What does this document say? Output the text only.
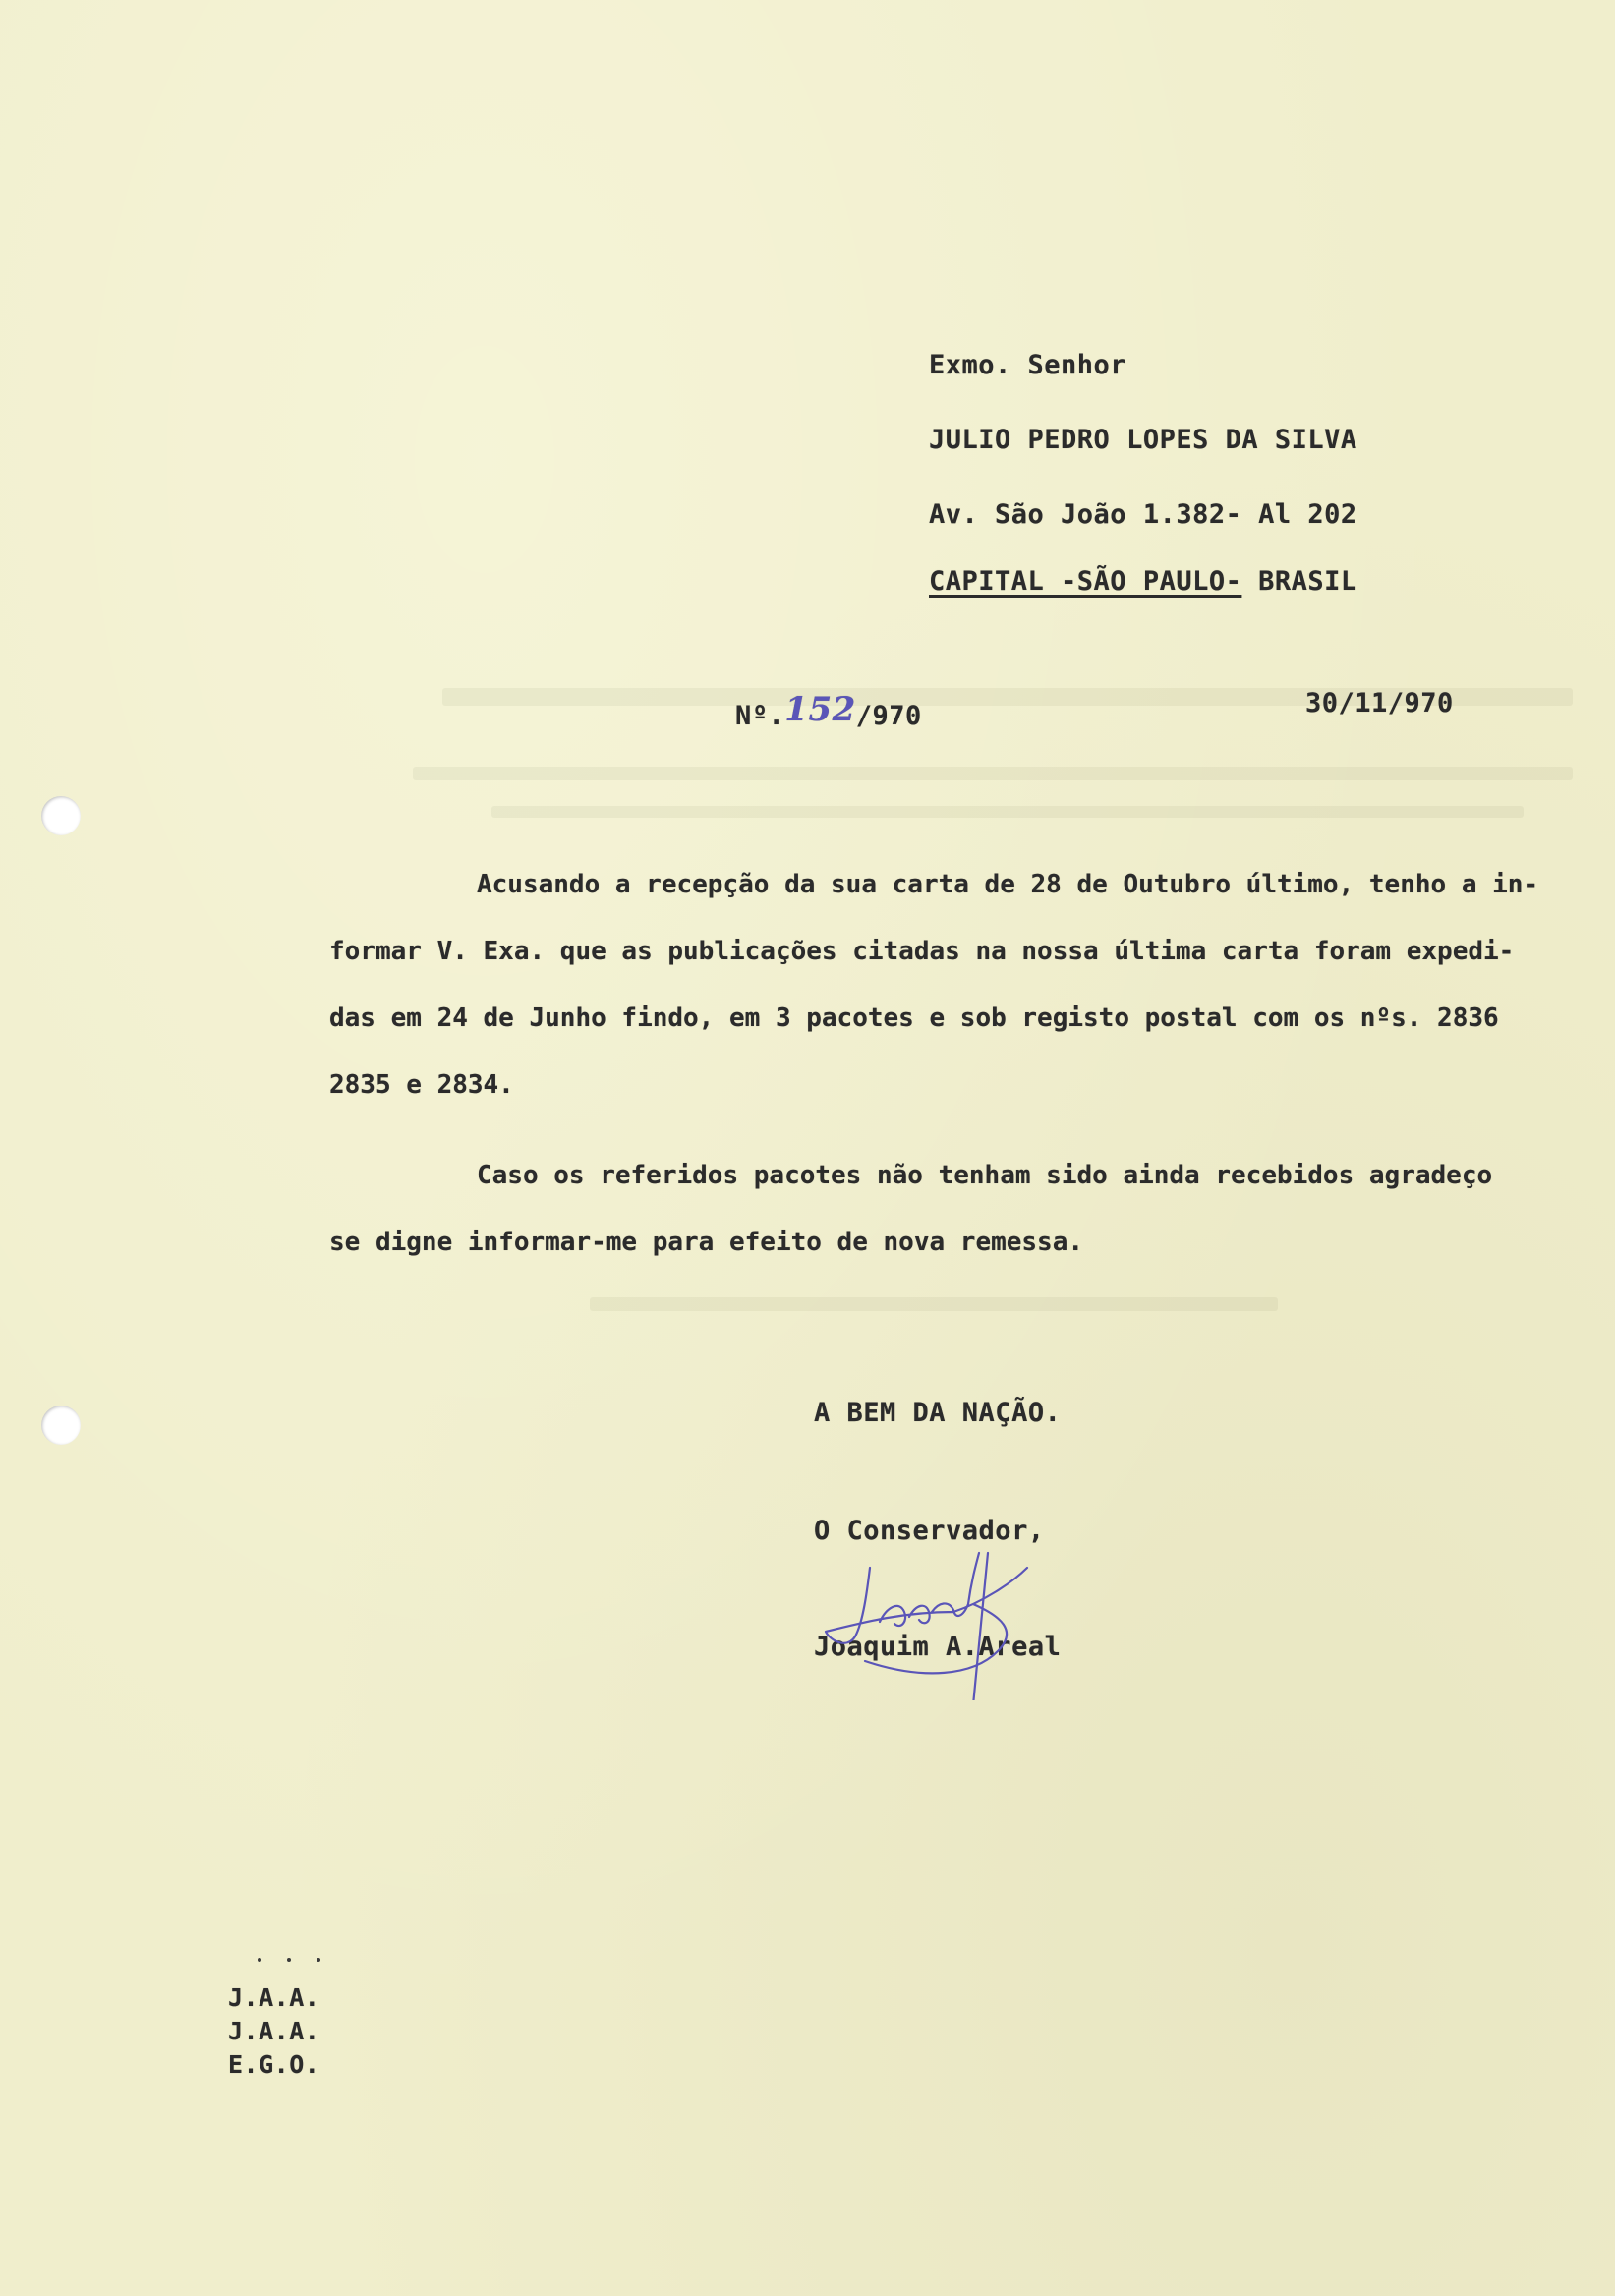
Exmo. Senhor
JULIO PEDRO LOPES DA SILVA
Av. São João 1.382- Al 202
CAPITAL -SÃO PAULO- BRASIL
Nº.152/970	30/11/970
Acusando a recepção da sua carta de 28 de Outubro último, tenho a in-
formar V. Exa. que as publicações citadas na nossa última carta foram expedi-
das em 24 de Junho findo, em 3 pacotes e sob registo postal com os nºs. 2836
2835 e 2834.
Caso os referidos pacotes não tenham sido ainda recebidos agradeço
se digne informar-me para efeito de nova remessa.
A BEM DA NAÇÃO.
O Conservador,
Joaquim A.Areal
J.A.A.
J.A.A.
E.G.O.
